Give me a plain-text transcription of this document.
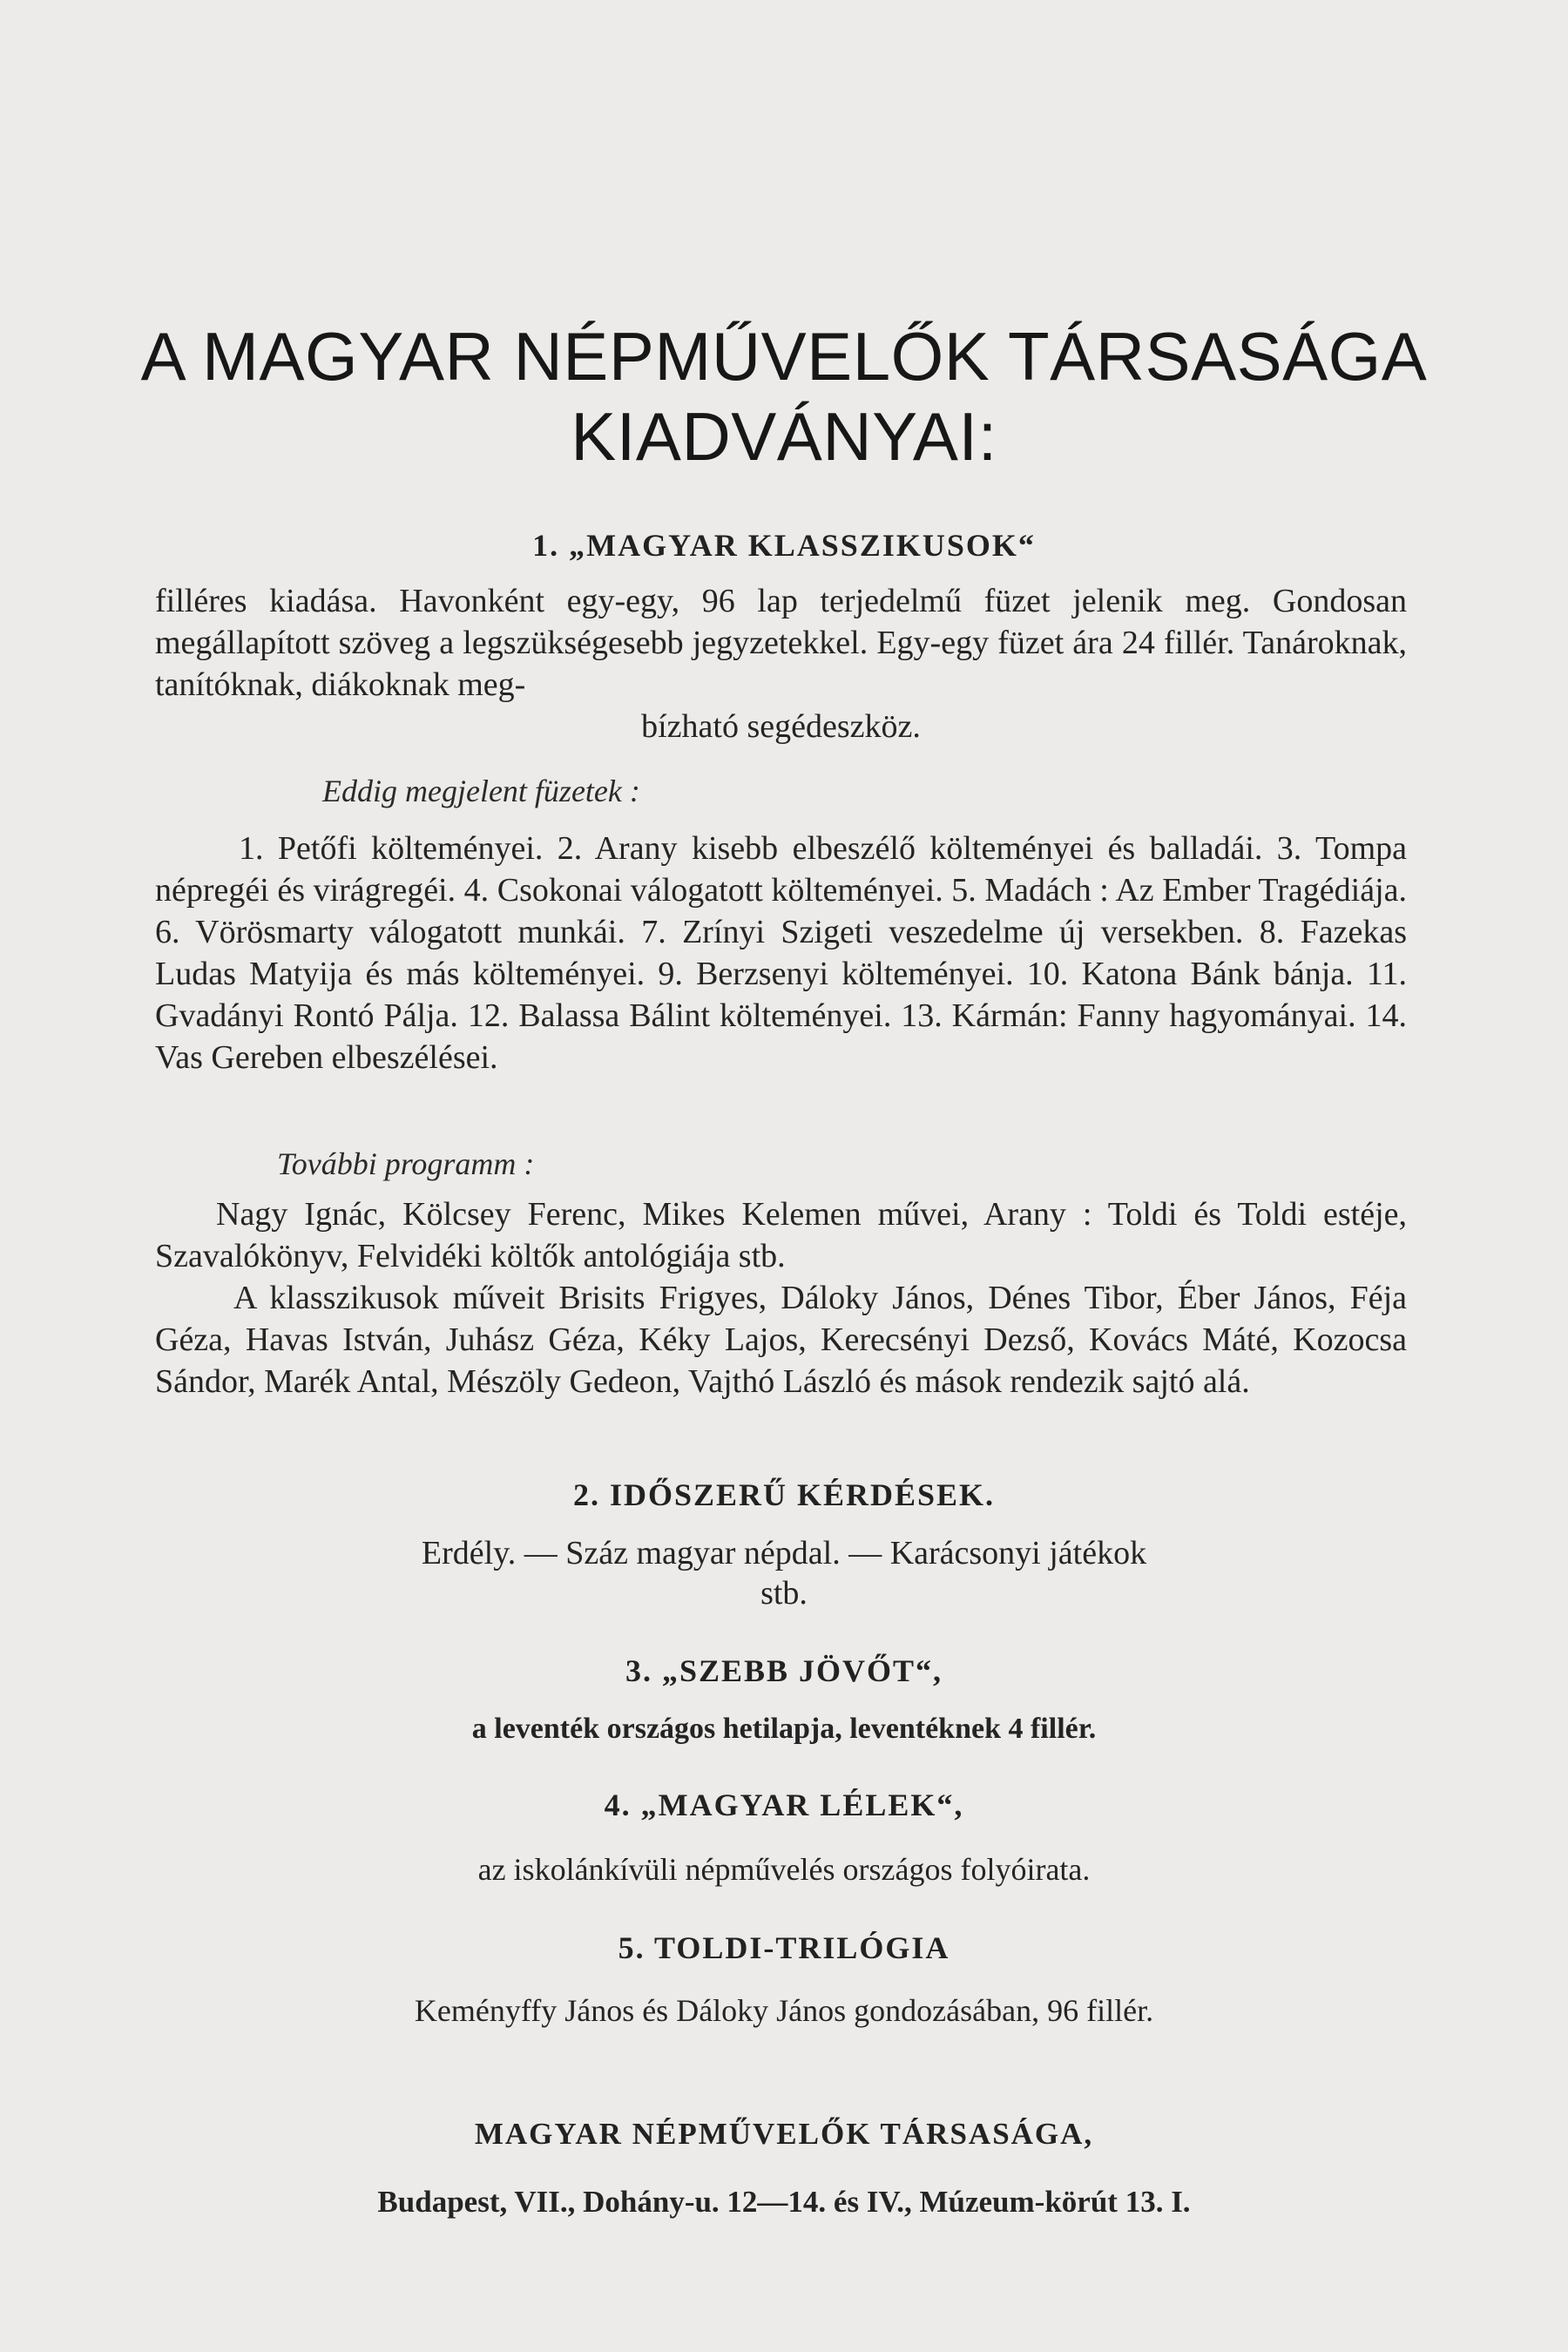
A MAGYAR NÉPMŰVELŐK TÁRSASÁGA
KIADVÁNYAI:
1. „MAGYAR KLASSZIKUSOK“
filléres kiadása. Havonként egy-egy, 96 lap terjedelmű füzet jelenik meg. Gondosan megállapított szöveg a legszükségesebb jegyzetekkel. Egy-egy füzet ára 24 fillér. Tanároknak, tanítóknak, diákoknak meg-
bízható segédeszköz.
Eddig megjelent füzetek :
1. Petőfi költeményei. 2. Arany kisebb elbeszélő költeményei és balladái. 3. Tompa népregéi és virágregéi. 4. Csokonai válogatott költeményei. 5. Madách : Az Ember Tragédiája. 6. Vörösmarty válogatott munkái. 7. Zrínyi Szigeti veszedelme új versekben. 8. Fazekas Ludas Matyija és más költeményei. 9. Berzsenyi költeményei. 10. Katona Bánk bánja. 11. Gvadányi Rontó Pálja. 12. Balassa Bálint költeményei. 13. Kármán: Fanny hagyományai. 14. Vas Gereben elbeszélései.
További programm :
Nagy Ignác, Kölcsey Ferenc, Mikes Kelemen művei, Arany : Toldi és Toldi estéje, Szavalókönyv, Felvidéki költők antológiája stb.
A klasszikusok műveit Brisits Frigyes, Dáloky János, Dénes Tibor, Éber János, Féja Géza, Havas István, Juhász Géza, Kéky Lajos, Kerecsényi Dezső, Kovács Máté, Kozocsa Sándor, Marék Antal, Mészöly Gedeon, Vajthó László és mások rendezik sajtó alá.
2. IDŐSZERŰ KÉRDÉSEK.
Erdély. — Száz magyar népdal. — Karácsonyi játékok
stb.
3. „SZEBB JÖVŐT“,
a leventék országos hetilapja, leventéknek 4 fillér.
4. „MAGYAR LÉLEK“,
az iskolánkívüli népművelés országos folyóirata.
5. TOLDI-TRILÓGIA
Keményffy János és Dáloky János gondozásában, 96 fillér.
MAGYAR NÉPMŰVELŐK TÁRSASÁGA,
Budapest, VII., Dohány-u. 12—14. és IV., Múzeum-körút 13. I.
